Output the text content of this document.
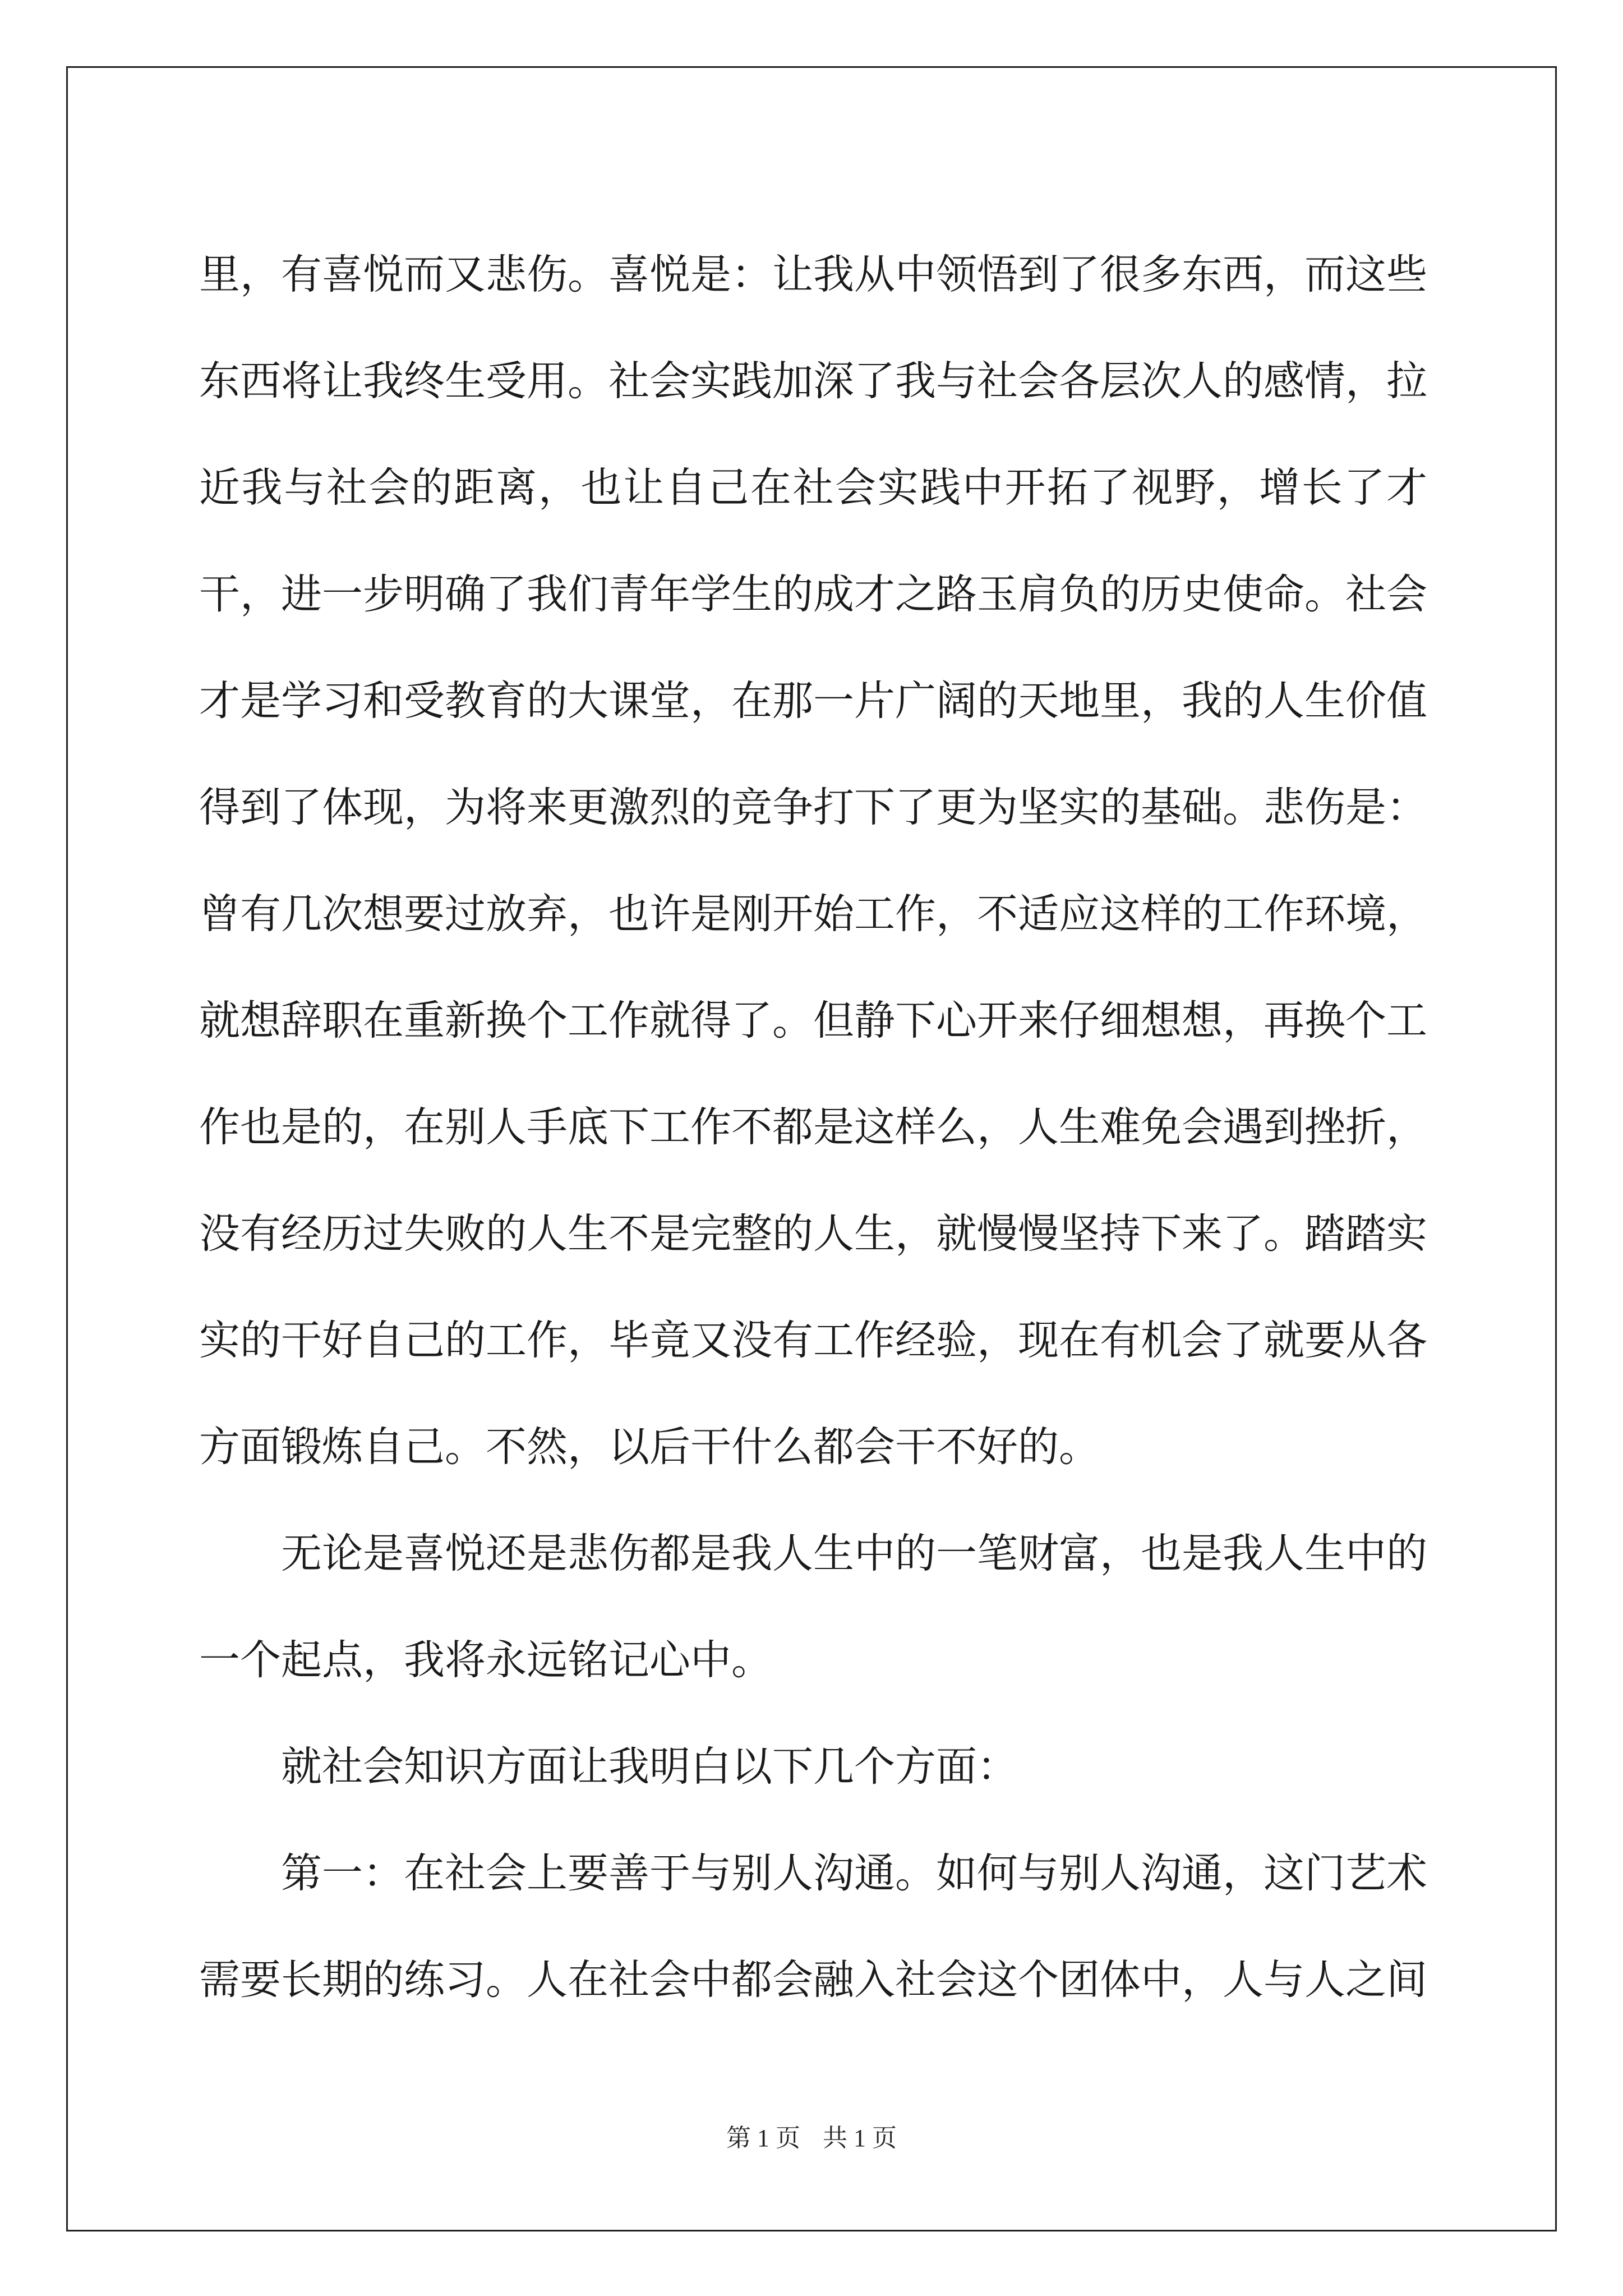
里，有喜悦而又悲伤。喜悦是：让我从中领悟到了很多东西，而这些东西将让我终生受用。社会实践加深了我与社会各层次人的感情，拉近我与社会的距离，也让自己在社会实践中开拓了视野，增长了才干，进一步明确了我们青年学生的成才之路玉肩负的历史使命。社会才是学习和受教育的大课堂，在那一片广阔的天地里，我的人生价值得到了体现，为将来更激烈的竞争打下了更为坚实的基础。悲伤是：曾有几次想要过放弃，也许是刚开始工作，不适应这样的工作环境，就想辞职在重新换个工作就得了。但静下心开来仔细想想，再换个工作也是的，在别人手底下工作不都是这样么，人生难免会遇到挫折，没有经历过失败的人生不是完整的人生，就慢慢坚持下来了。踏踏实实的干好自己的工作，毕竟又没有工作经验，现在有机会了就要从各方面锻炼自己。不然，以后干什么都会干不好的。

无论是喜悦还是悲伤都是我人生中的一笔财富，也是我人生中的一个起点，我将永远铭记心中。

就社会知识方面让我明白以下几个方面：

第一：在社会上要善于与别人沟通。如何与别人沟通，这门艺术需要长期的练习。人在社会中都会融入社会这个团体中，人与人之间

第 1 页 共 1 页
